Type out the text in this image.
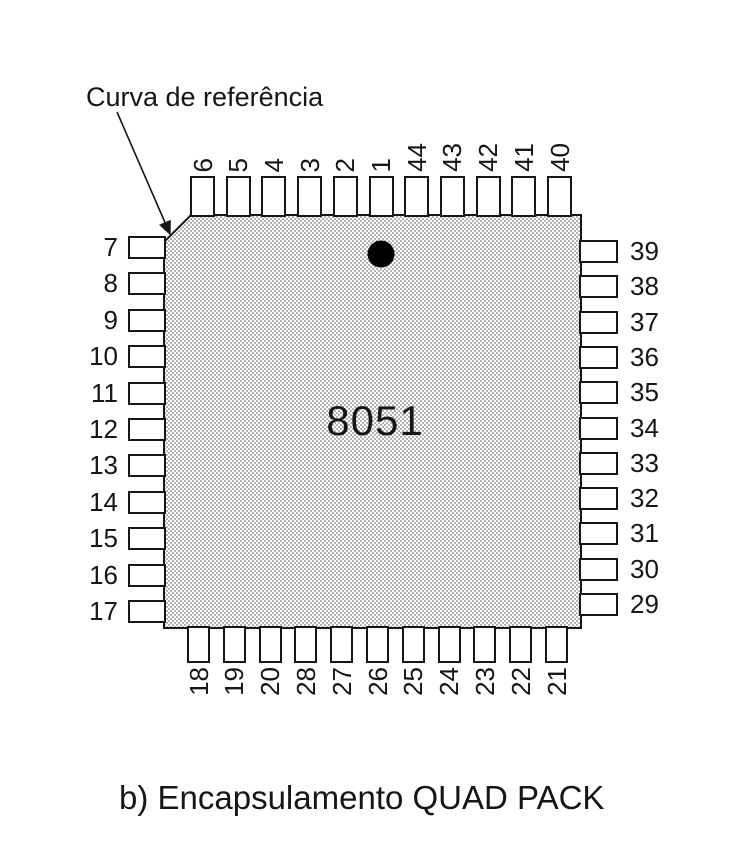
Curva de referência
8051
6 5 4 3 2 1 44 43 42 41 40
18 19 20 28 27 26 25 24 23 22 21
7
8
9
10
11
12
13
14
15
16
17
39
38
37
36
35
34
33
32
31
30
29
b) Encapsulamento QUAD PACK
